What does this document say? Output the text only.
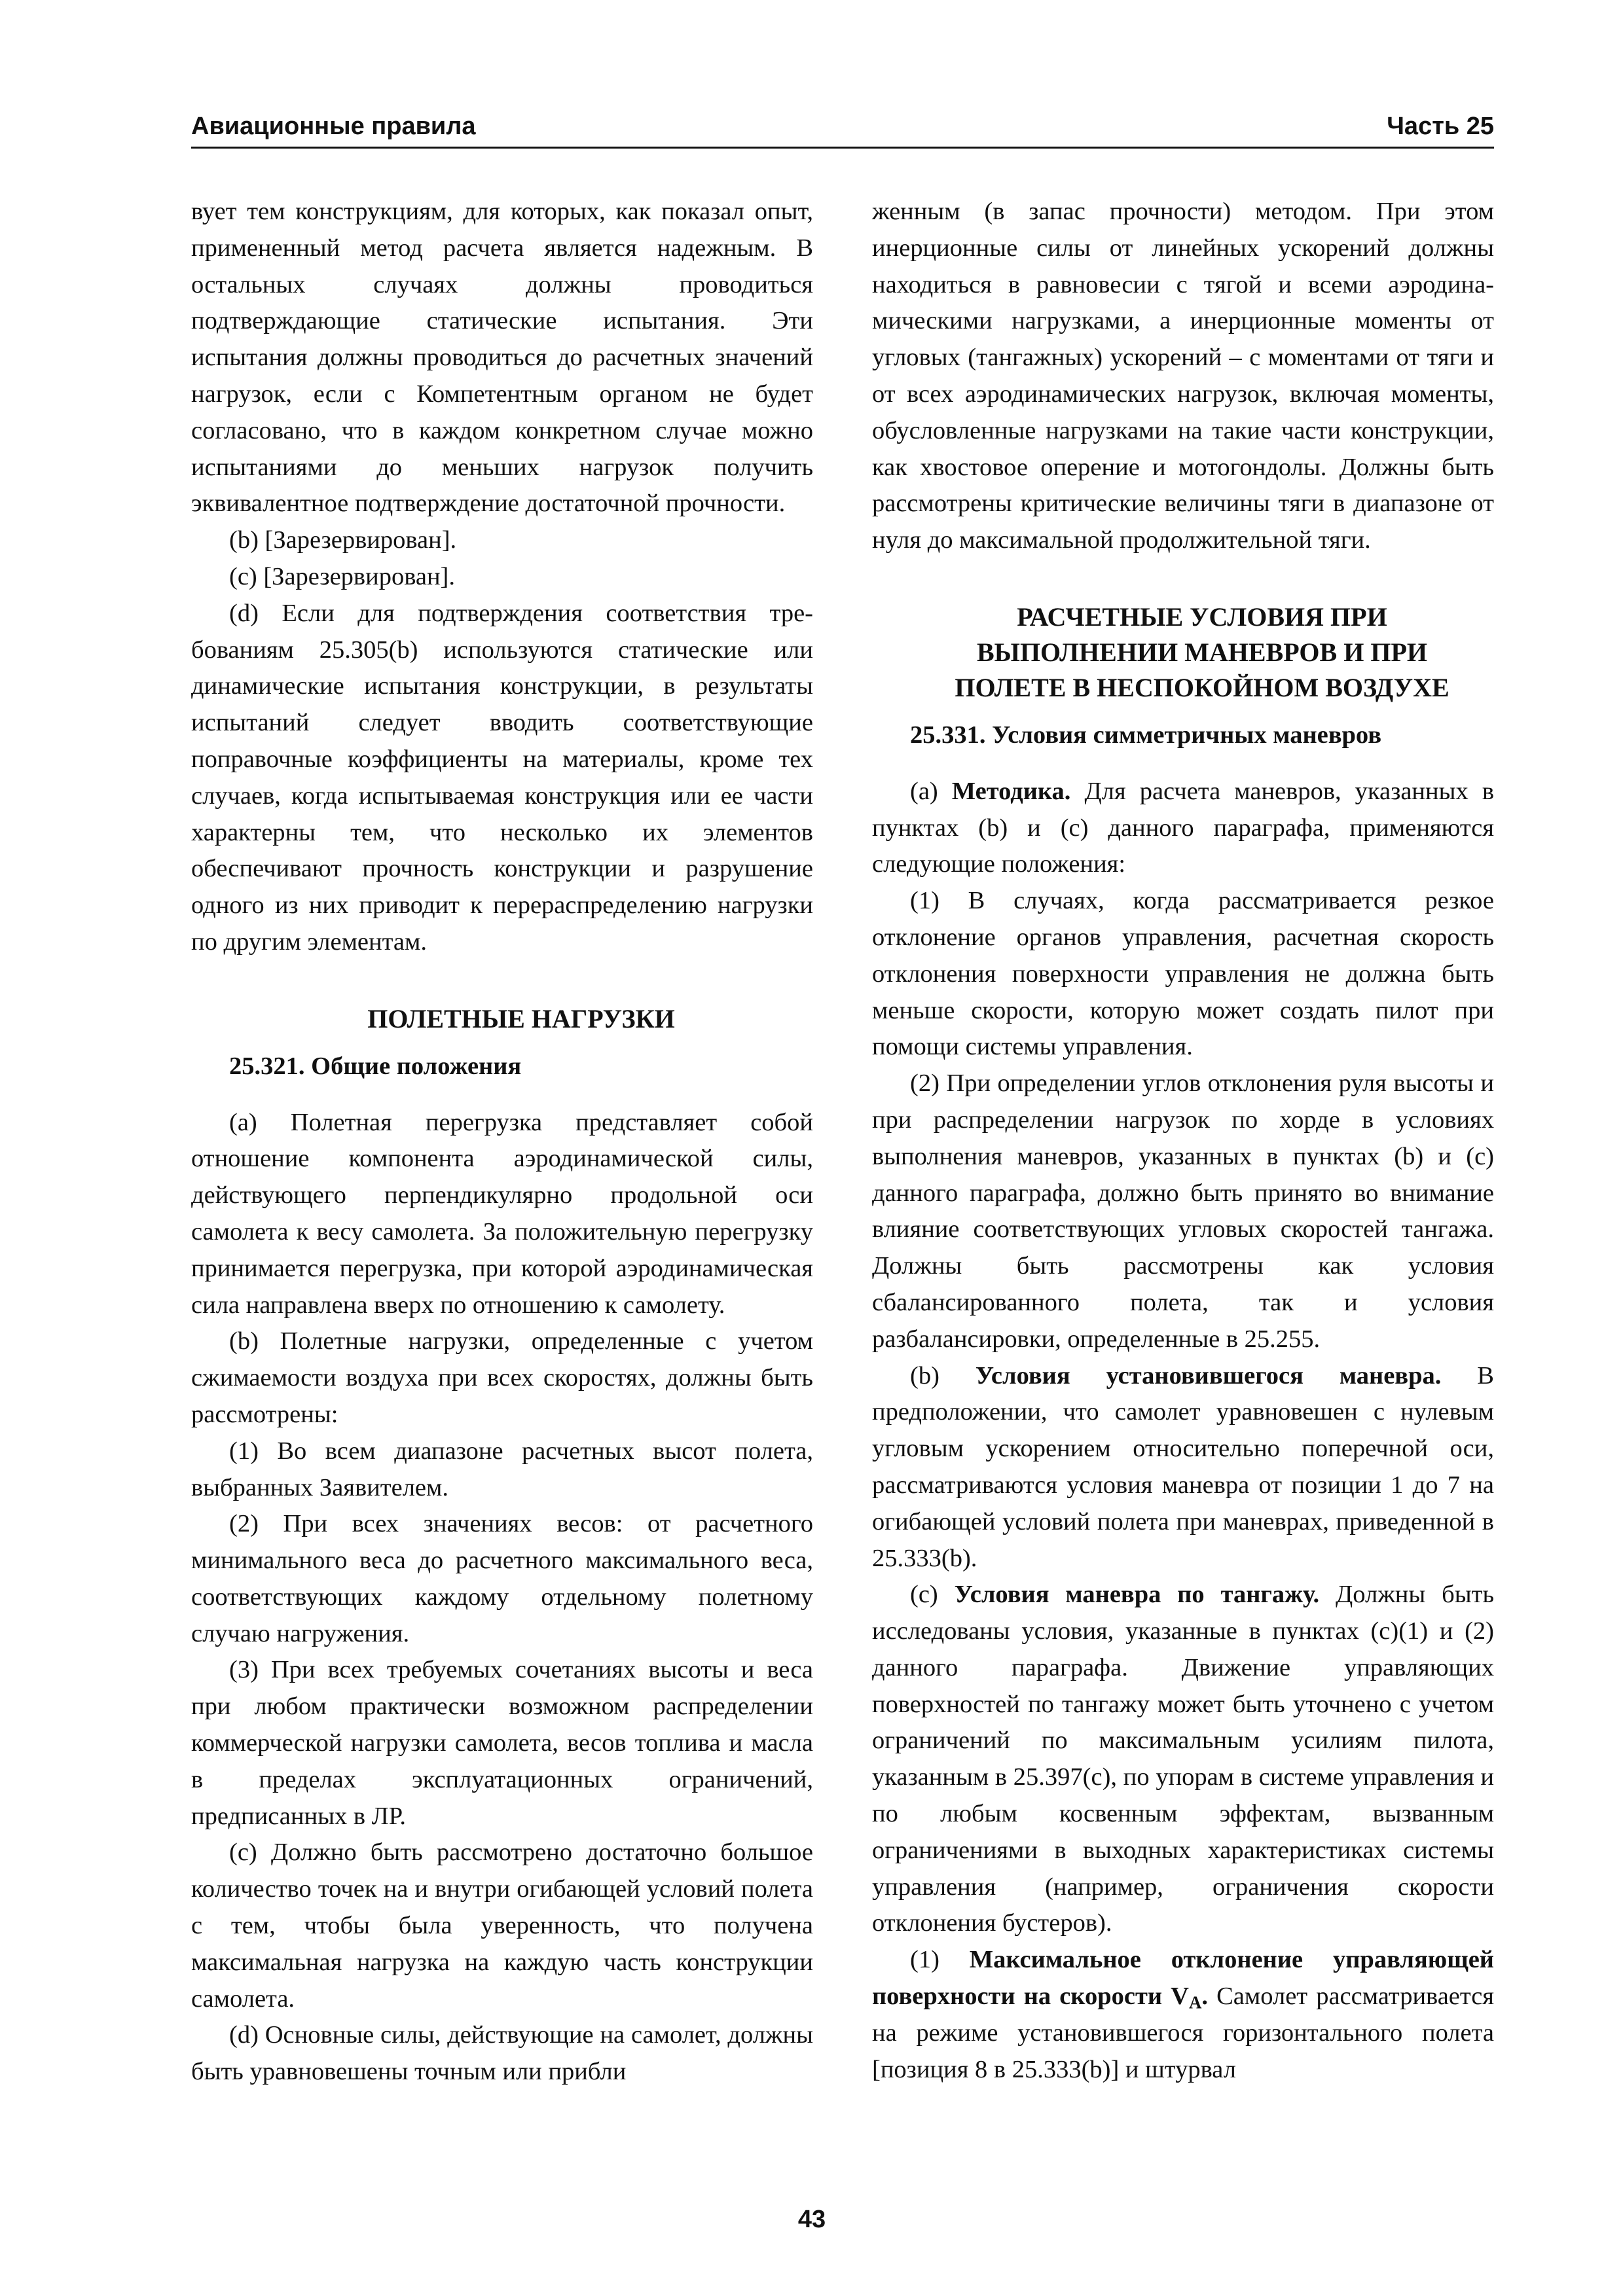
Авиационные правила	Часть 25

вует тем конструкциям, для которых, как показал опыт, примененный метод расчета является надежным. В остальных случаях должны проводиться подтверждающие статические испытания. Эти испытания должны проводиться до расчетных значений нагрузок, если с Компетентным органом не будет согласовано, что в каждом конкретном случае можно испытаниями до меньших нагрузок получить эквивалентное подтверждение достаточной прочности.

(b) [Зарезервирован].

(c) [Зарезервирован].

(d) Если для подтверждения соответствия требованиям 25.305(b) используются статические или динамические испытания конструкции, в результаты испытаний следует вводить соответствующие поправочные коэффициенты на материалы, кроме тех случаев, когда испытываемая конструкция или ее части характерны тем, что несколько их элементов обеспечивают прочность конструкции и разрушение одного из них приводит к перераспределению нагрузки по другим элементам.

ПОЛЕТНЫЕ НАГРУЗКИ

25.321. Общие положения

(a) Полетная перегрузка представляет собой отношение компонента аэродинамической силы, действующего перпендикулярно продольной оси самолета к весу самолета. За положительную перегрузку принимается перегрузка, при которой аэродинамическая сила направлена вверх по отношению к самолету.

(b) Полетные нагрузки, определенные с учетом сжимаемости воздуха при всех скоростях, должны быть рассмотрены:

(1) Во всем диапазоне расчетных высот полета, выбранных Заявителем.

(2) При всех значениях весов: от расчетного минимального веса до расчетного максимального веса, соответствующих каждому отдельному полетному случаю нагружения.

(3) При всех требуемых сочетаниях высоты и веса при любом практически возможном распределении коммерческой нагрузки самолета, весов топлива и масла в пределах эксплуатационных ограничений, предписанных в ЛР.

(c) Должно быть рассмотрено достаточно большое количество точек на и внутри огибающей условий полета с тем, чтобы была уверенность, что получена максимальная нагрузка на каждую часть конструкции самолета.

(d) Основные силы, действующие на самолет, должны быть уравновешены точным или прибли

женным (в запас прочности) методом. При этом инерционные силы от линейных ускорений должны находиться в равновесии с тягой и всеми аэродинамическими нагрузками, а инерционные моменты от угловых (тангажных) ускорений – с моментами от тяги и от всех аэродинамических нагрузок, включая моменты, обусловленные нагрузками на такие части конструкции, как хвостовое оперение и мотогондолы. Должны быть рассмотрены критические величины тяги в диапазоне от нуля до максимальной продолжительной тяги.

РАСЧЕТНЫЕ УСЛОВИЯ ПРИ

ВЫПОЛНЕНИИ МАНЕВРОВ И ПРИ

ПОЛЕТЕ В НЕСПОКОЙНОМ ВОЗДУХЕ

25.331. Условия симметричных маневров

(a) Методика. Для расчета маневров, указанных в пунктах (b) и (c) данного параграфа, применяются следующие положения:

(1) В случаях, когда рассматривается резкое отклонение органов управления, расчетная скорость отклонения поверхности управления не должна быть меньше скорости, которую может создать пилот при помощи системы управления.

(2) При определении углов отклонения руля высоты и при распределении нагрузок по хорде в условиях выполнения маневров, указанных в пунктах (b) и (c) данного параграфа, должно быть принято во внимание влияние соответствующих угловых скоростей тангажа. Должны быть рассмотрены как условия сбалансированного полета, так и условия разбалансировки, определенные в 25.255.

(b) Условия установившегося маневра. В предположении, что самолет уравновешен с нулевым угловым ускорением относительно поперечной оси, рассматриваются условия маневра от позиции 1 до 7 на огибающей условий полета при маневрах, приведенной в 25.333(b).

(c) Условия маневра по тангажу. Должны быть исследованы условия, указанные в пунктах (c)(1) и (2) данного параграфа. Движение управляющих поверхностей по тангажу может быть уточнено с учетом ограничений по максимальным усилиям пилота, указанным в 25.397(c), по упорам в системе управления и по любым косвенным эффектам, вызванным ограничениями в выходных характеристиках системы управления (например, ограничения скорости отклонения бустеров).

(1) Максимальное отклонение управляющей поверхности на скорости $V_A$. Самолет рассматривается на режиме установившегося горизонтального полета [позиция 8 в 25.333(b)] и штурвал

43
